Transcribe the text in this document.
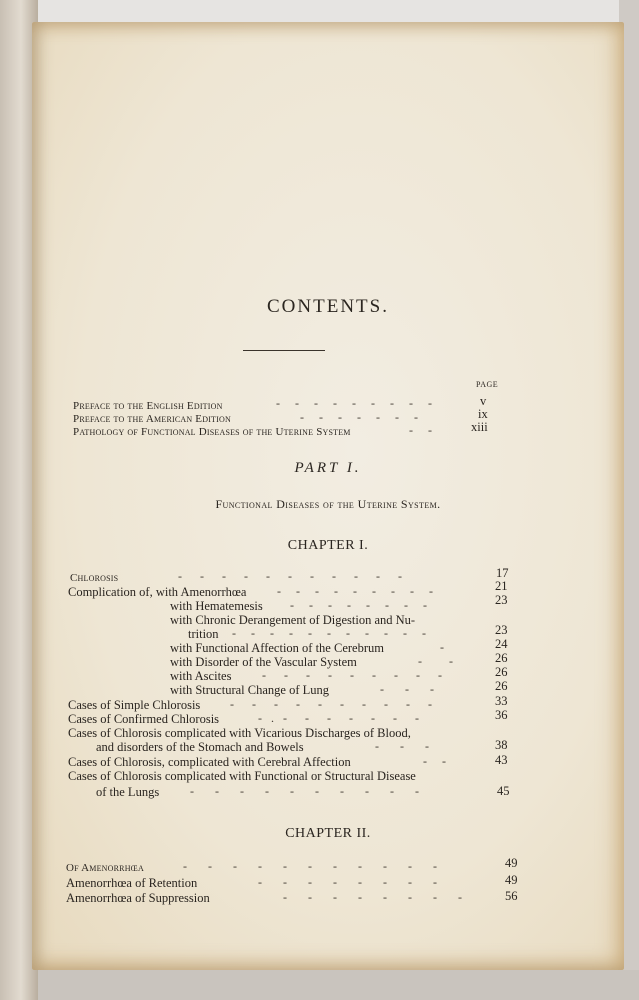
CONTENTS.
PAGE
Preface to the English Edition	-     -     -     -     -     -     -     -     -	v
Preface to the American Edition	-     -     -     -     -     -     -	ix
Pathology of Functional Diseases of the Uterine System	-     -	xiii
PART I.
Functional Diseases of the Uterine System.
CHAPTER I.
Chlorosis	-      -      -      -      -      -      -      -      -      -      -	17
Complication of, with Amenorrhœa	-     -     -     -     -     -     -     -     -	21
with Hematemesis -     -     -     -     -     -     -     -	23
with Chronic Derangement of Digestion and Nu-
trition -     -     -     -     -     -     -     -     -     -     -	23
with Functional Affection of the Cerebrum	-	24
with Disorder of the Vascular System	-         -	26
with Ascites	-      -      -      -      -      -      -      -      -	26
with Structural Change of Lung	-       -       -	26
Cases of Simple Chlorosis -      -      -      -      -      -      -      -      -      -	33
Cases of Confirmed Chlorosis	-   .   -      -      -      -      -      -      -	36
Cases of Chlorosis complicated with Vicarious Discharges of Blood,
and disorders of the Stomach and Bowels	-       -       -	38
Cases of Chlorosis, complicated with Cerebral Affection	-     -	43
Cases of Chlorosis complicated with Functional or Structural Disease
of the Lungs	-       -       -       -       -       -       -       -       -       -	45
CHAPTER II.
Of Amenorrhœa	-       -       -       -       -       -       -       -       -       -       -	49
Amenorrhœa of Retention	-       -       -       -       -       -       -       -	49
Amenorrhœa of Suppression	-       -       -       -       -       -       -       -	56
